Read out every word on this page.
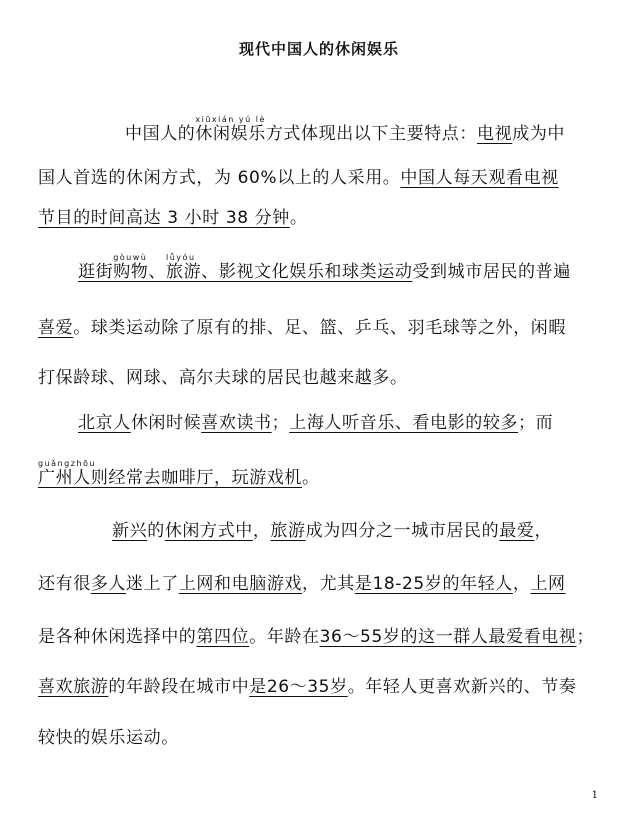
现代中国人的休闲娱乐
中国人的
xiūxián yú lè
休闲娱乐方式体现出以下主要特点：电视成为中
国人首选的休闲方式，为 60%以上的人采用。中国人每天观看电视
节目的时间高达 3 小时 38 分钟。
逛街
gòuwù
购物、
lǚyóu
旅游、影视文化娱乐和球类运动受到城市居民的普遍
喜爱。球类运动除了原有的排、足、篮、乒乓、羽毛球等之外，闲暇
打保龄球、网球、高尔夫球的居民也越来越多。
北京人休闲时候喜欢读书；上海人听音乐、看电影的较多；而
guǎngzhōu
广州人则经常去咖啡厅，玩游戏机。
新兴的休闲方式中，旅游成为四分之一城市居民的最爱，
还有很多人迷上了上网和电脑游戏，尤其是18-25岁的年轻人，上网
是各种休闲选择中的第四位。年龄在36～55岁的这一群人最爱看电视；
喜欢旅游的年龄段在城市中是26～35岁。年轻人更喜欢新兴的、节奏
较快的娱乐运动。
1
